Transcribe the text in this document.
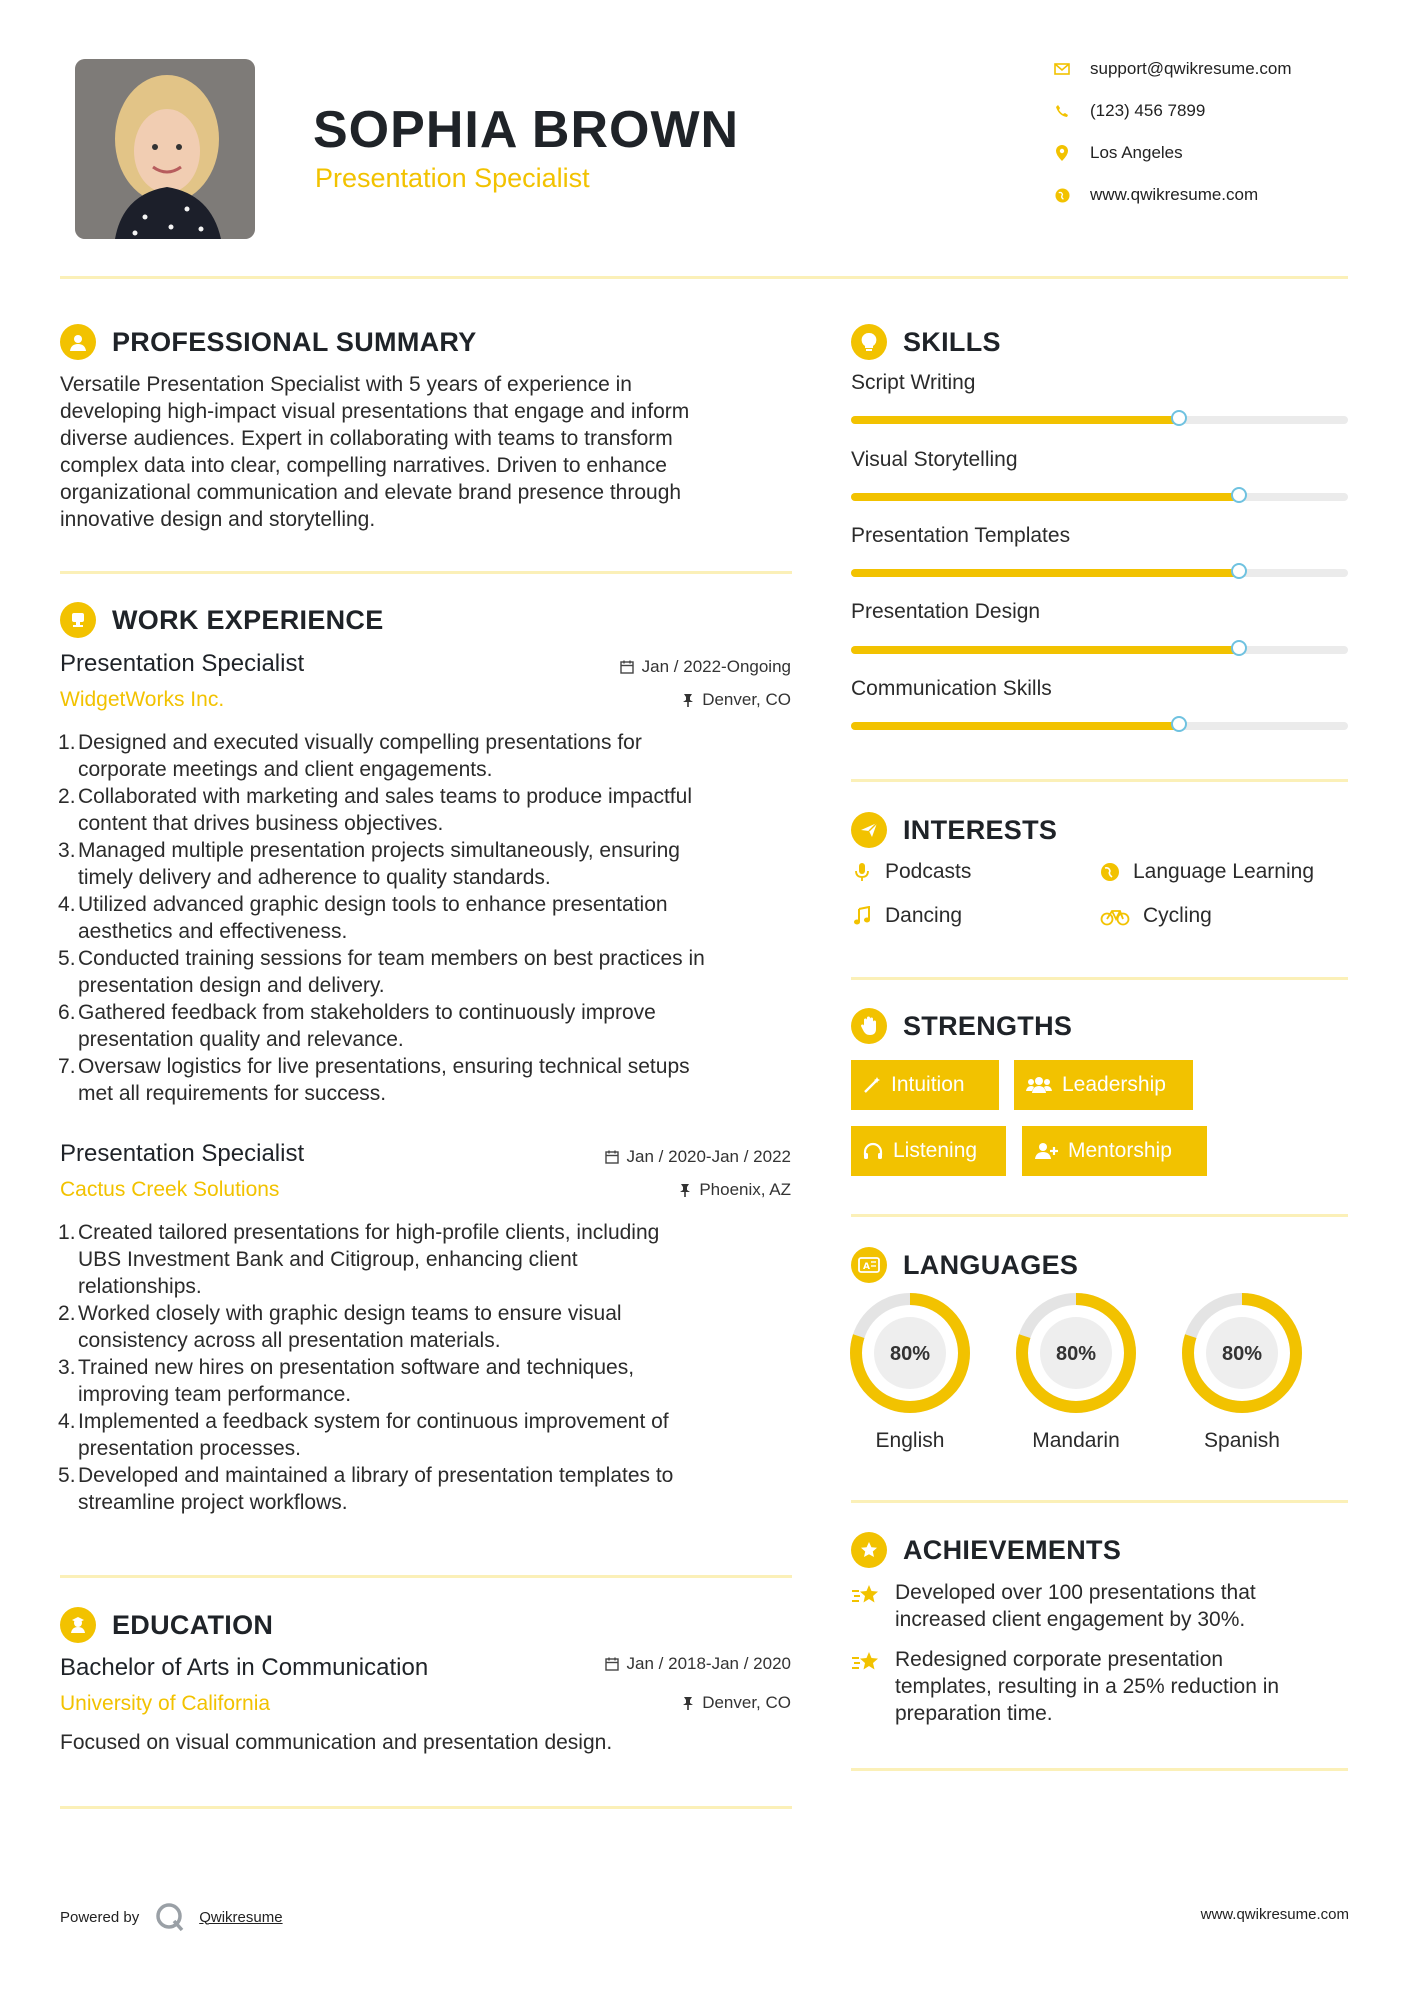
SOPHIA BROWN
Presentation Specialist
support@qwikresume.com
(123) 456 7899
Los Angeles
www.qwikresume.com
PROFESSIONAL SUMMARY
Versatile Presentation Specialist with 5 years of experience in
developing high-impact visual presentations that engage and inform
diverse audiences. Expert in collaborating with teams to transform
complex data into clear, compelling narratives. Driven to enhance
organizational communication and elevate brand presence through
innovative design and storytelling.
WORK EXPERIENCE
Presentation Specialist
WidgetWorks Inc.
Jan / 2022-Ongoing
Denver, CO
Designed and executed visually compelling presentations for
corporate meetings and client engagements.
Collaborated with marketing and sales teams to produce impactful
content that drives business objectives.
Managed multiple presentation projects simultaneously, ensuring
timely delivery and adherence to quality standards.
Utilized advanced graphic design tools to enhance presentation
aesthetics and effectiveness.
Conducted training sessions for team members on best practices in
presentation design and delivery.
Gathered feedback from stakeholders to continuously improve
presentation quality and relevance.
Oversaw logistics for live presentations, ensuring technical setups
met all requirements for success.
Presentation Specialist
Cactus Creek Solutions
Jan / 2020-Jan / 2022
Phoenix, AZ
Created tailored presentations for high-profile clients, including
UBS Investment Bank and Citigroup, enhancing client
relationships.
Worked closely with graphic design teams to ensure visual
consistency across all presentation materials.
Trained new hires on presentation software and techniques,
improving team performance.
Implemented a feedback system for continuous improvement of
presentation processes.
Developed and maintained a library of presentation templates to
streamline project workflows.
EDUCATION
Bachelor of Arts in Communication
University of California
Jan / 2018-Jan / 2020
Denver, CO
Focused on visual communication and presentation design.
SKILLS
Script Writing
Visual Storytelling
Presentation Templates
Presentation Design
Communication Skills
INTERESTS
Podcasts	Language Learning
Dancing	Cycling
STRENGTHS
Intuition	Leadership
Listening	Mentorship
A LANGUAGES
80%
English
80%
Mandarin
80%
Spanish
ACHIEVEMENTS
Developed over 100 presentations that
increased client engagement by 30%.
Redesigned corporate presentation
templates, resulting in a 25% reduction in
preparation time.
Powered by	Qwikresume	www.qwikresume.com
